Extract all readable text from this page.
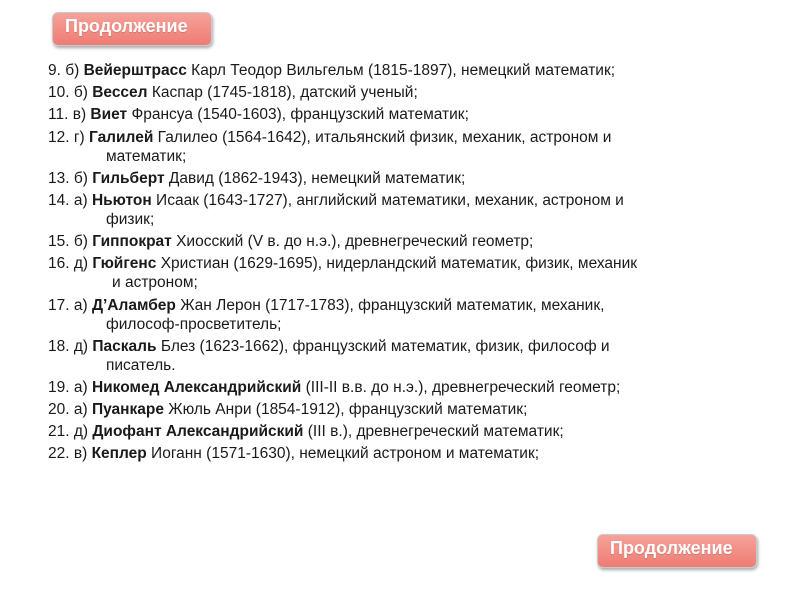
Продолжение
9. б) Вейерштрасс Карл Теодор Вильгельм (1815-1897), немецкий математик;
10. б) Вессел Каспар (1745-1818), датский ученый;
11. в) Виет Франсуа (1540-1603), французский математик;
12. г) Галилей Галилео (1564-1642), итальянский физик, механик, астроном и
математик;
13. б) Гильберт Давид (1862-1943), немецкий математик;
14. а) Ньютон Исаак (1643-1727), английский математики, механик, астроном и
физик;
15. б) Гиппократ Хиосский (V в. до н.э.), древнегреческий геометр;
16. д) Гюйгенс Христиан (1629-1695), нидерландский математик, физик, механик
и астроном;
17. а) Д’Аламбер Жан Лерон (1717-1783), французский математик, механик,
философ-просветитель;
18. д) Паскаль Блез (1623-1662), французский математик, физик, философ и
писатель.
19. а) Никомед Александрийский (III-II в.в. до н.э.), древнегреческий геометр;
20. а) Пуанкаре Жюль Анри (1854-1912), французский математик;
21. д) Диофант Александрийский (III в.), древнегреческий математик;
22. в) Кеплер Иоганн (1571-1630), немецкий астроном и математик;
Продолжение
